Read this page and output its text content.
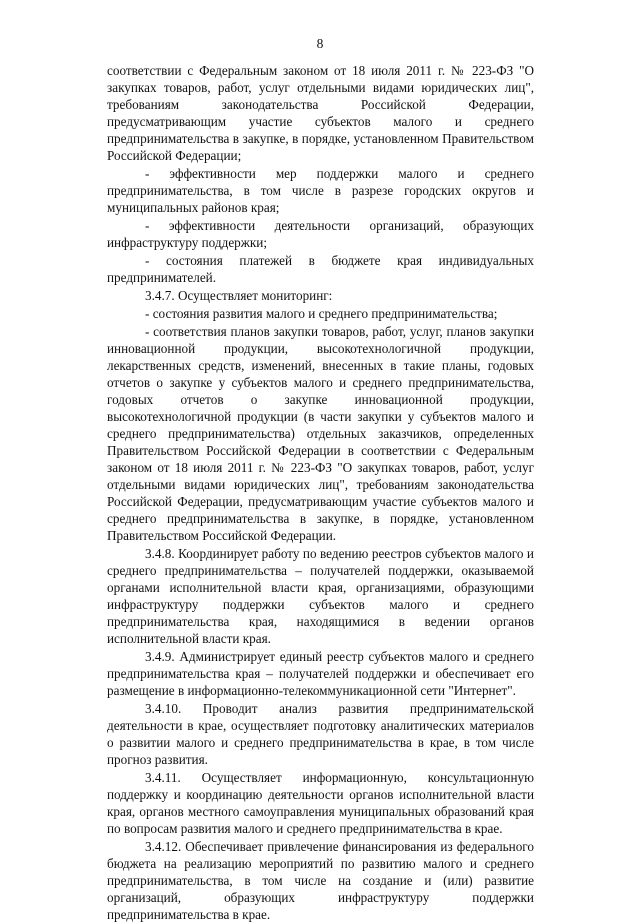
8

соответствии с Федеральным законом от 18 июля 2011 г. № 223-ФЗ "О закупках товаров, работ, услуг отдельными видами юридических лиц", требованиям законодательства Российской Федерации, предусматривающим участие субъектов малого и среднего предпринимательства в закупке, в порядке, установленном Правительством Российской Федерации;

- эффективности мер поддержки малого и среднего предпринимательства, в том числе в разрезе городских округов и муниципальных районов края;

- эффективности деятельности организаций, образующих инфраструктуру поддержки;

- состояния платежей в бюджете края индивидуальных предпринимателей.

3.4.7. Осуществляет мониторинг:

- состояния развития малого и среднего предпринимательства;

- соответствия планов закупки товаров, работ, услуг, планов закупки инновационной продукции, высокотехнологичной продукции, лекарственных средств, изменений, внесенных в такие планы, годовых отчетов о закупке у субъектов малого и среднего предпринимательства, годовых отчетов о закупке инновационной продукции, высокотехнологичной продукции (в части закупки у субъектов малого и среднего предпринимательства) отдельных заказчиков, определенных Правительством Российской Федерации в соответствии с Федеральным законом от 18 июля 2011 г. № 223-ФЗ "О закупках товаров, работ, услуг отдельными видами юридических лиц", требованиям законодательства Российской Федерации, предусматривающим участие субъектов малого и среднего предпринимательства в закупке, в порядке, установленном Правительством Российской Федерации.

3.4.8. Координирует работу по ведению реестров субъектов малого и среднего предпринимательства – получателей поддержки, оказываемой органами исполнительной власти края, организациями, образующими инфраструктуру поддержки субъектов малого и среднего предпринимательства края, находящимися в ведении органов исполнительной власти края.

3.4.9. Администрирует единый реестр субъектов малого и среднего предпринимательства края – получателей поддержки и обеспечивает его размещение в информационно-телекоммуникационной сети "Интернет".

3.4.10. Проводит анализ развития предпринимательской деятельности в крае, осуществляет подготовку аналитических материалов о развитии малого и среднего предпринимательства в крае, в том числе прогноз развития.

3.4.11. Осуществляет информационную, консультационную поддержку и координацию деятельности органов исполнительной власти края, органов местного самоуправления муниципальных образований края по вопросам развития малого и среднего предпринимательства в крае.

3.4.12. Обеспечивает привлечение финансирования из федерального бюджета на реализацию мероприятий по развитию малого и среднего предпринимательства, в том числе на создание и (или) развитие организаций, образующих инфраструктуру поддержки предпринимательства в крае.
